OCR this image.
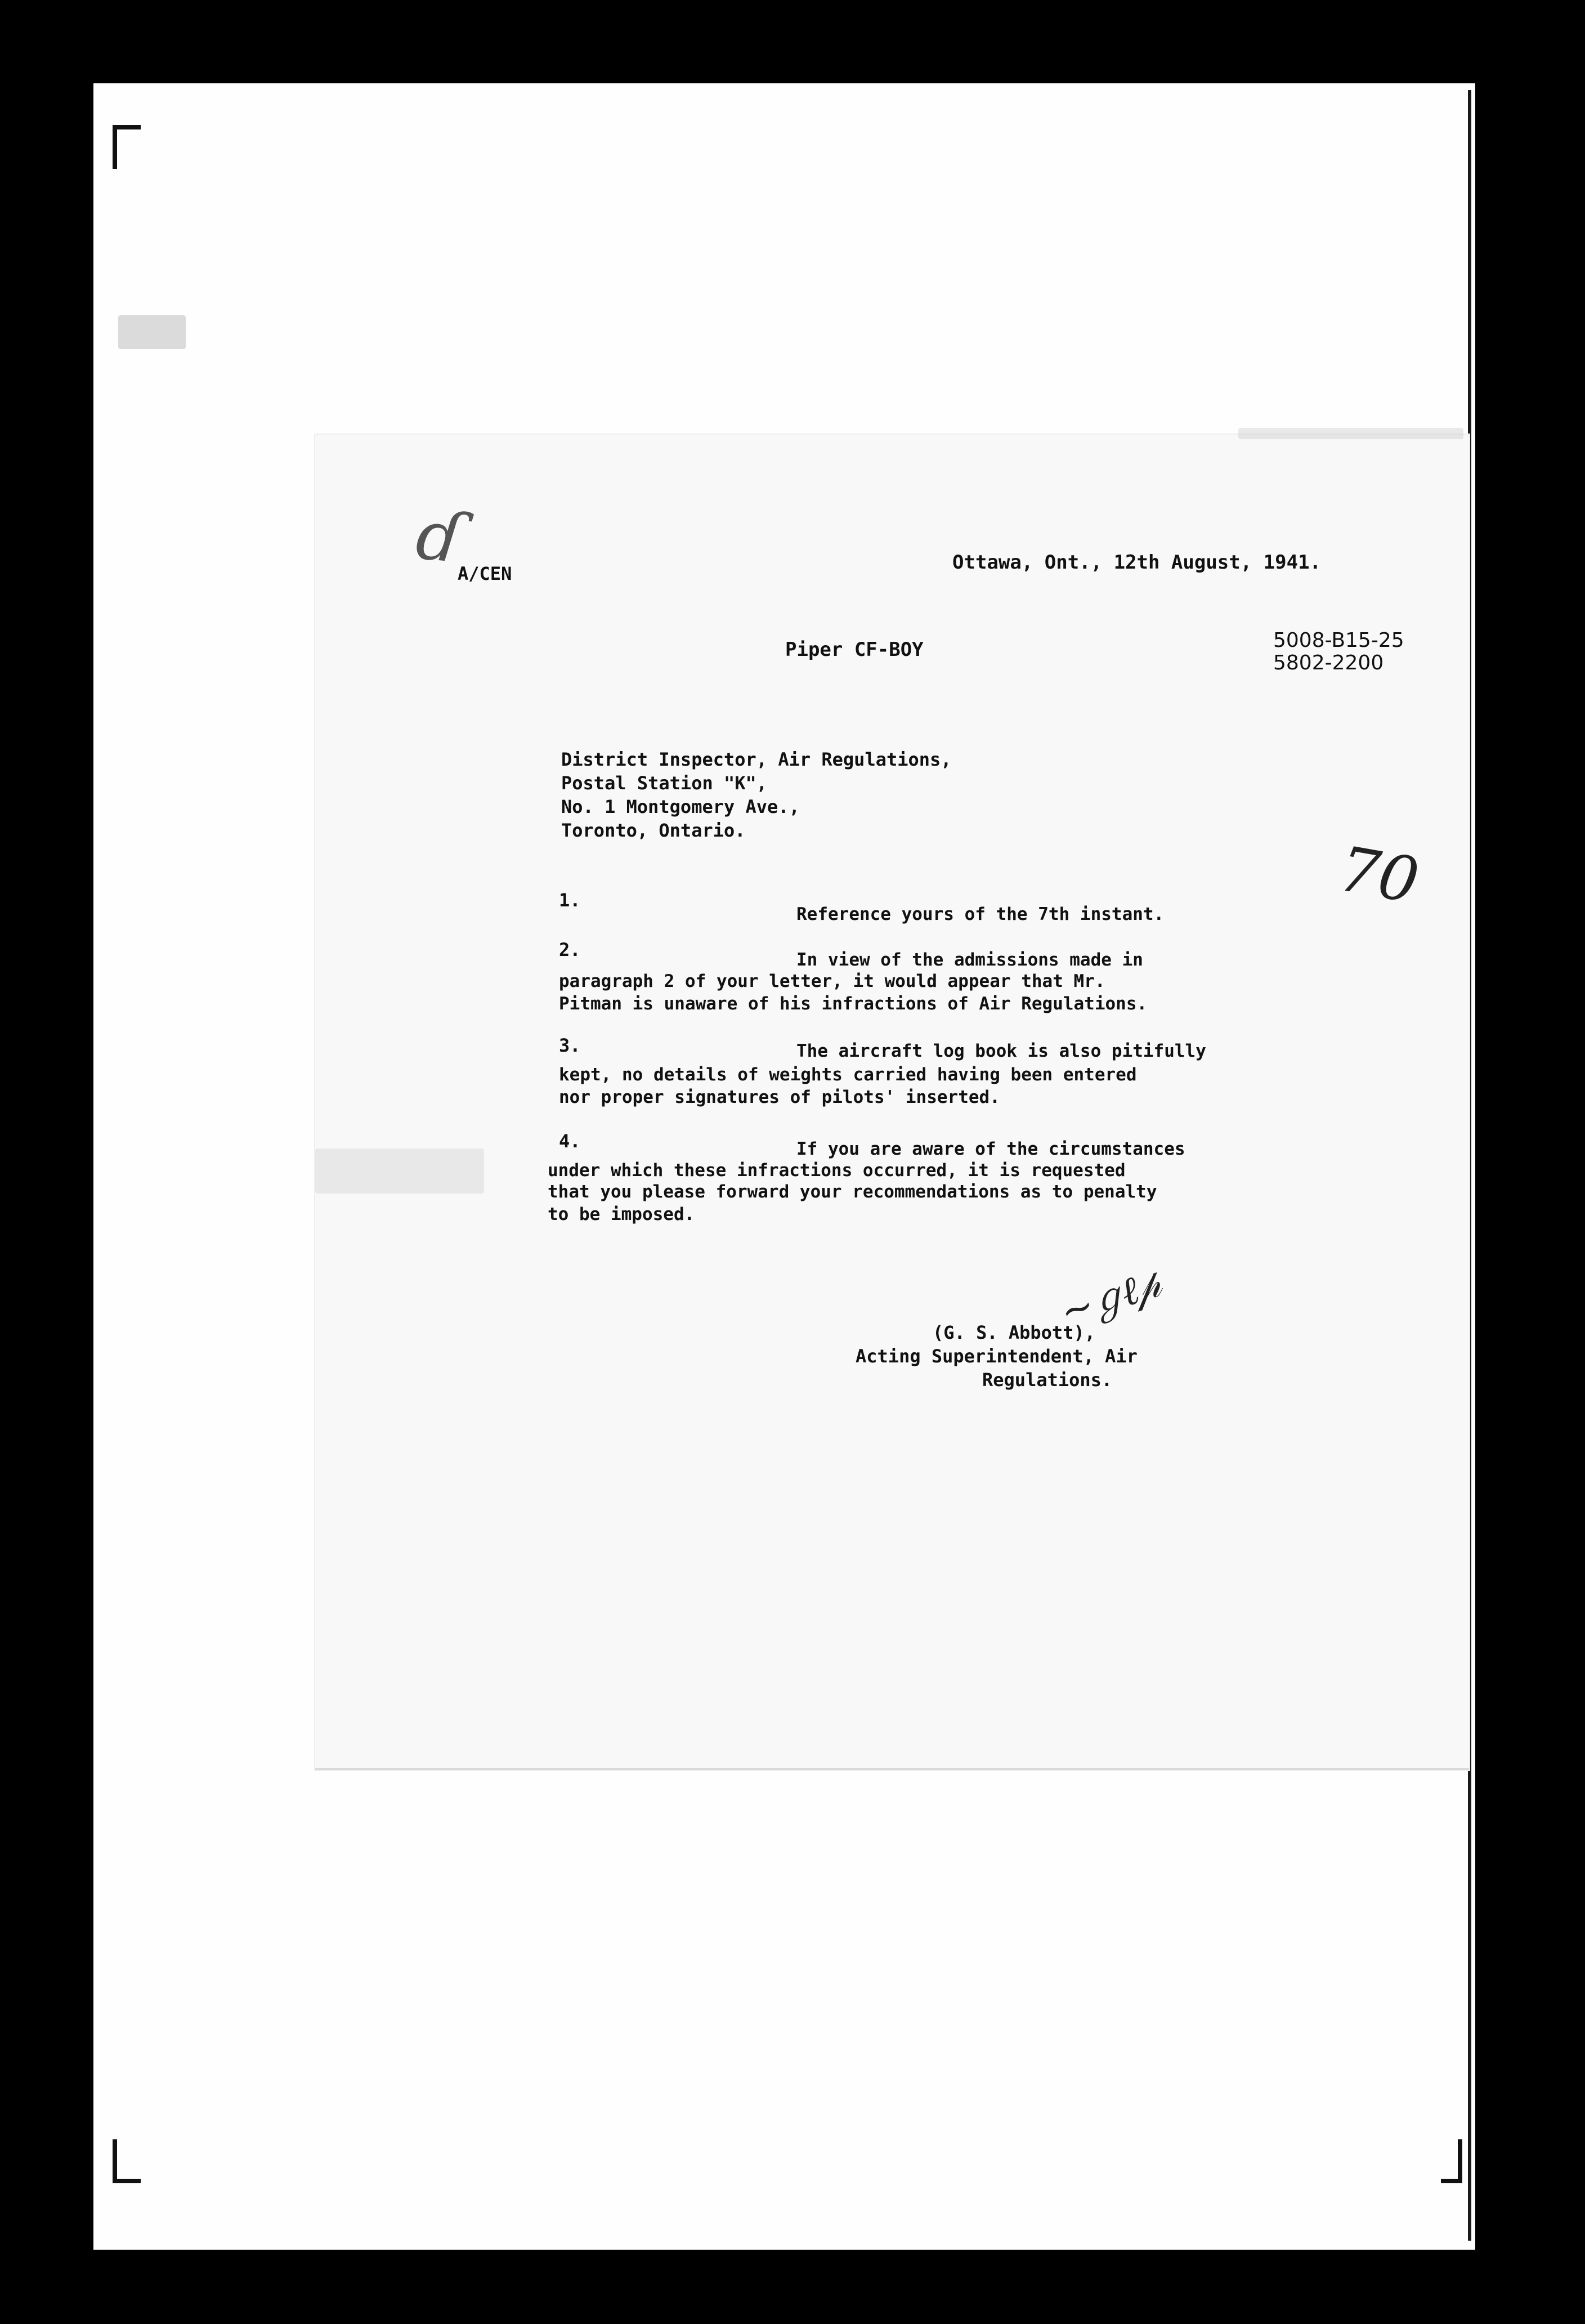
ɗ
A/CEN	Ottawa, Ont., 12th August, 1941.
Piper CF-BOY	5008-B15-25
5802-2200
District Inspector, Air Regulations,
Postal Station "K",
No. 1 Montgomery Ave.,
Toronto, Ontario.
70
1.
Reference yours of the 7th instant.
2.	In view of the admissions made in
paragraph 2 of your letter, it would appear that Mr.
Pitman is unaware of his infractions of Air Regulations.
3.	The aircraft log book is also pitifully
kept, no details of weights carried having been entered
nor proper signatures of pilots' inserted.
4.	If you are aware of the circumstances
under which these infractions occurred, it is requested
that you please forward your recommendations as to penalty
to be imposed.
~ℊℓ𝓅
(G. S. Abbott),
Acting Superintendent, Air
Regulations.
